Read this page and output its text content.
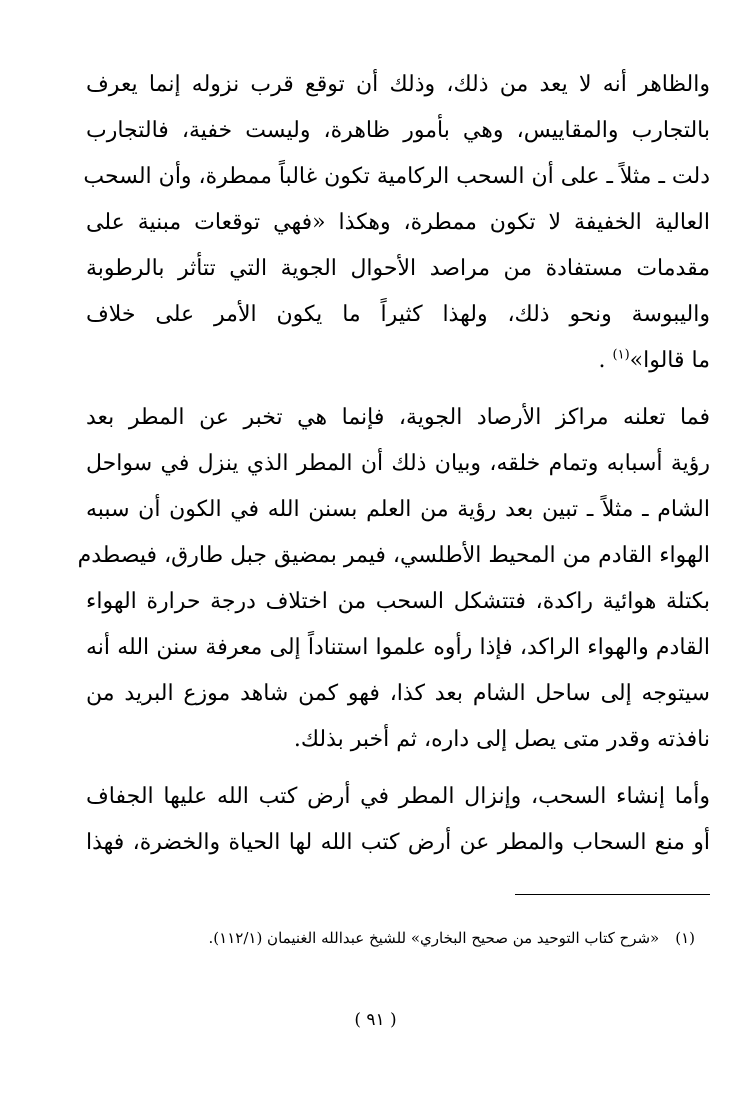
والظاهر أنه لا يعد من ذلك، وذلك أن توقع قرب نزوله إنما يعرف
بالتجارب والمقاييس، وهي بأمور ظاهرة، وليست خفية، فالتجارب
دلت ـ مثلاً ـ على أن السحب الركامية تكون غالباً ممطرة، وأن السحب
العالية الخفيفة لا تكون ممطرة، وهكذا «فهي توقعات مبنية على
مقدمات مستفادة من مراصد الأحوال الجوية التي تتأثر بالرطوبة
واليبوسة ونحو ذلك، ولهذا كثيراً ما يكون الأمر على خلاف
ما قالوا»$^{(١)}$ .

فما تعلنه مراكز الأرصاد الجوية، فإنما هي تخبر عن المطر بعد
رؤية أسبابه وتمام خلقه، وبيان ذلك أن المطر الذي ينزل في سواحل
الشام ـ مثلاً ـ تبين بعد رؤية من العلم بسنن الله في الكون أن سببه
الهواء القادم من المحيط الأطلسي، فيمر بمضيق جبل طارق، فيصطدم
بكتلة هوائية راكدة، فتتشكل السحب من اختلاف درجة حرارة الهواء
القادم والهواء الراكد، فإذا رأوه علموا استناداً إلى معرفة سنن الله أنه
سيتوجه إلى ساحل الشام بعد كذا، فهو كمن شاهد موزع البريد من
نافذته وقدر متى يصل إلى داره، ثم أخبر بذلك.

وأما إنشاء السحب، وإنزال المطر في أرض كتب الله عليها الجفاف
أو منع السحاب والمطر عن أرض كتب الله لها الحياة والخضرة، فهذا

(١)«شرح كتاب التوحيد من صحيح البخاري» للشيخ عبدالله الغنيمان (١١٢/١).
( ٩١ )
